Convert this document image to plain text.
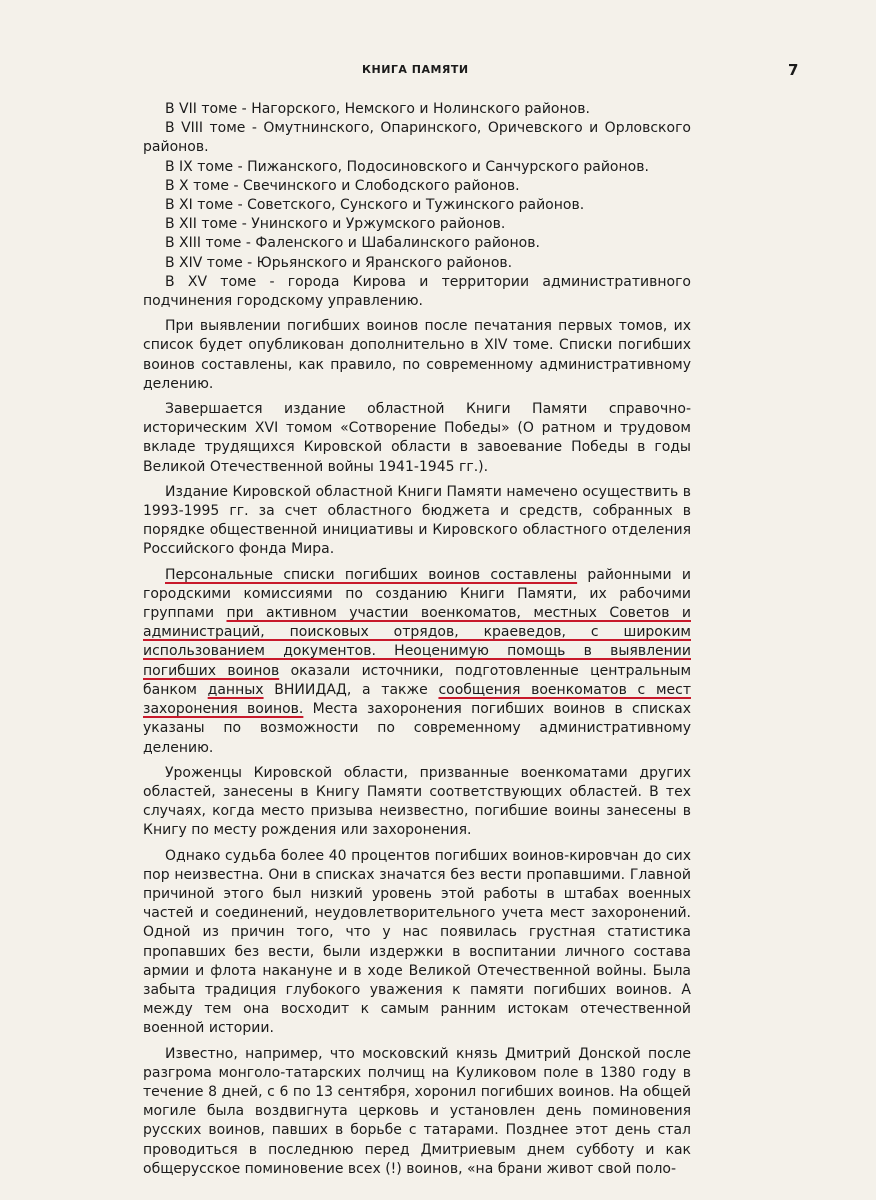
КНИГА ПАМЯТИ	7

В VII томе - Нагорского, Немского и Нолинского районов.

В VIII томе - Омутнинского, Опаринского, Оричевского и Орловского районов.

В IX томе - Пижанского, Подосиновского и Санчурского районов.

В X томе - Свечинского и Слободского районов.

В XI томе - Советского, Сунского и Тужинского районов.

В XII томе - Унинского и Уржумского районов.

В XIII томе - Фаленского и Шабалинского районов.

В XIV томе - Юрьянского и Яранского районов.

В XV томе - города Кирова и территории административного подчинения городскому управлению.

При выявлении погибших воинов после печатания первых томов, их список будет опубликован дополнительно в XIV томе. Списки погибших воинов составлены, как правило, по современному административному делению.

Завершается издание областной Книги Памяти справочно-историческим XVI томом «Сотворение Победы» (О ратном и трудовом вкладе трудящихся Кировской области в завоевание Победы в годы Великой Отечественной войны 1941-1945 гг.).

Издание Кировской областной Книги Памяти намечено осуществить в 1993-1995 гг. за счет областного бюджета и средств, собранных в порядке общественной инициативы и Кировского областного отделения Российского фонда Мира.

Персональные списки погибших воинов составлены районными и городскими комиссиями по созданию Книги Памяти, их рабочими группами при активном участии военкоматов, местных Советов и администраций, поисковых отрядов, краеведов, с широким использованием документов. Неоценимую помощь в выявлении погибших воинов оказали источники, подготовленные центральным банком данных ВНИИДАД, а также сообщения военкоматов с мест захоронения воинов. Места захоронения погибших воинов в списках указаны по возможности по современному административному делению.

Уроженцы Кировской области, призванные военкоматами других областей, занесены в Книгу Памяти соответствующих областей. В тех случаях, когда место призыва неизвестно, погибшие воины занесены в Книгу по месту рождения или захоронения.

Однако судьба более 40 процентов погибших воинов-кировчан до сих пор неизвестна. Они в списках значатся без вести пропавшими. Главной причиной этого был низкий уровень этой работы в штабах военных частей и соединений, неудовлетворительного учета мест захоронений. Одной из причин того, что у нас появилась грустная статистика пропавших без вести, были издержки в воспитании личного состава армии и флота накануне и в ходе Великой Отечественной войны. Была забыта традиция глубокого уважения к памяти погибших воинов. А между тем она восходит к самым ранним истокам отечественной военной истории.

Известно, например, что московский князь Дмитрий Донской после разгрома монголо-татарских полчищ на Куликовом поле в 1380 году в течение 8 дней, с 6 по 13 сентября, хоронил погибших воинов. На общей могиле была воздвигнута церковь и установлен день поминовения русских воинов, павших в борьбе с татарами. Позднее этот день стал проводиться в последнюю перед Дмитриевым днем субботу и как общерусское поминовение всех (!) воинов, «на брани живот свой поло-
